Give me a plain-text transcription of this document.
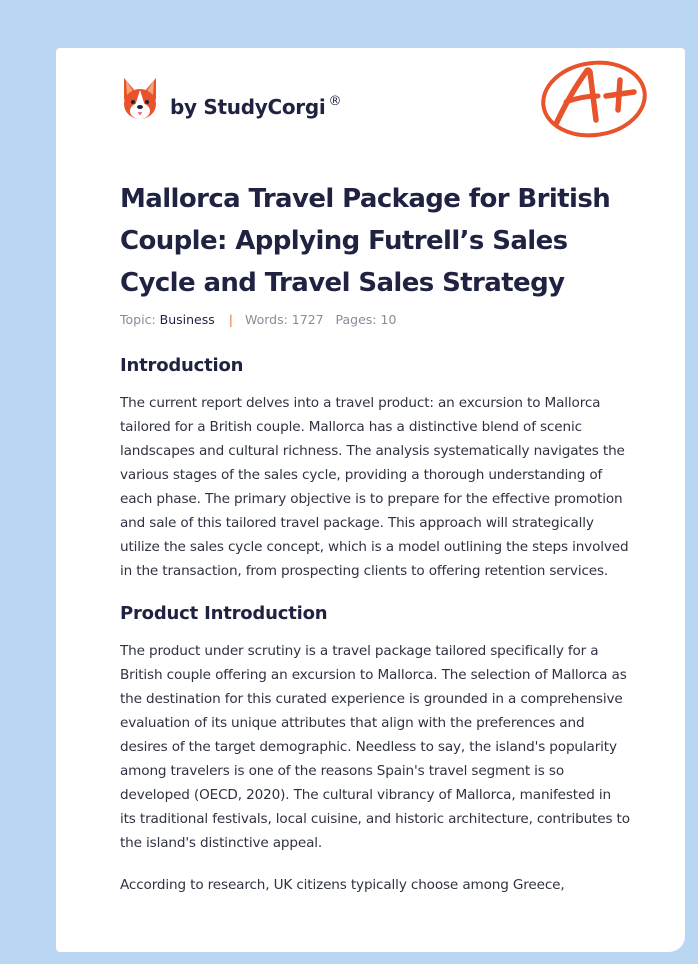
by StudyCorgi ®
Mallorca Travel Package for British Couple: Applying Futrell’s Sales Cycle and Travel Sales Strategy
Topic: Business | Words: 1727 Pages: 10
Introduction

The current report delves into a travel product: an excursion to Mallorca tailored for a British couple. Mallorca has a distinctive blend of scenic landscapes and cultural richness. The analysis systematically navigates the various stages of the sales cycle, providing a thorough understanding of each phase. The primary objective is to prepare for the effective promotion and sale of this tailored travel package. This approach will strategically utilize the sales cycle concept, which is a model outlining the steps involved in the transaction, from prospecting clients to offering retention services.

Product Introduction

The product under scrutiny is a travel package tailored specifically for a British couple offering an excursion to Mallorca. The selection of Mallorca as the destination for this curated experience is grounded in a comprehensive evaluation of its unique attributes that align with the preferences and desires of the target demographic. Needless to say, the island's popularity among travelers is one of the reasons Spain's travel segment is so developed (OECD, 2020). The cultural vibrancy of Mallorca, manifested in its traditional festivals, local cuisine, and historic architecture, contributes to the island's distinctive appeal.

According to research, UK citizens typically choose among Greece,
